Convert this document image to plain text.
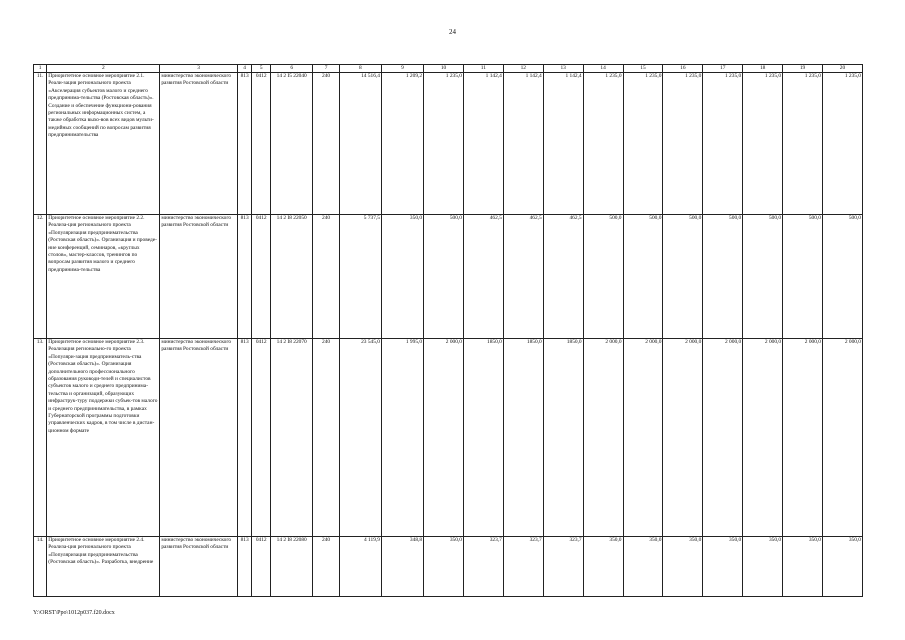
24
1	2	3	4	5	6	7	8	9	10	11	12	13	14	15	16	17	18	19	20
11.	Приоритетное основное мероприятие 2.1. Реали-зация регионального проекта «Акселерация субъектов малого и среднего предпринима-тельства (Ростовская область)». Создание и обеспечение функциони-рования региональных информационных систем, а также обработка выхо-вов всех видов мульти-медийных сообщений по вопросам развития предпринимательства	министерство экономического развития Ростовской области	813	0412	14 2 I5 22040	240	14 516,4	1 209,2	1 235,0	1 142,4	1 142,4	1 142,4	1 235,0	1 235,0	1 235,0	1 235,0	1 235,0	1 235,0	1 235,0
12.	Приоритетное основное мероприятие 2.2. Реализа-ция регионального проекта «Популяризация предпринимательства (Ростовская область)». Организация и проведе-ние конференций, семинаров, «круглых столов», мастер-классов, тренингов по вопросам развития малого и среднего предпринима-тельства	министерство экономического развития Ростовской области	813	0412	14 2 I8 22050	240	5 737,5	350,0	500,0	462,5	462,5	462,5	500,0	500,0	500,0	500,0	500,0	500,0	500,0
13.	Приоритетное основное мероприятие 2.3. Реализация регионально-го проекта «Популяри-зация предприниматель-ства (Ростовская область)». Организация дополнительного профессионального образования руководи-телей и специалистов субъектов малого и среднего предпринима-тельства и организаций, образующих инфраструк-туру поддержки субъек-тов малого и среднего предпринимательства, в рамках Губернаторской программы подготовки управленческих кадров, в том числе в дистан-ционном формате	министерство экономического развития Ростовской области	813	0412	14 2 I8 22070	240	23 545,0	1 995,0	2 000,0	1850,0	1850,0	1850,0	2 000,0	2 000,0	2 000,0	2 000,0	2 000,0	2 000,0	2 000,0
14.	Приоритетное основное мероприятие 2.4. Реализа-ция регионального проекта «Популяризация предпринимательства (Ростовская область)». Разработка, внедрение	министерство экономического развития Ростовской области	813	0412	14 2 I8 22080	240	4 119,9	348,8	350,0	323,7	323,7	323,7	350,0	350,0	350,0	350,0	350,0	350,0	350,0
Y:\ORST\Ppo\1012p037.f20.docx
